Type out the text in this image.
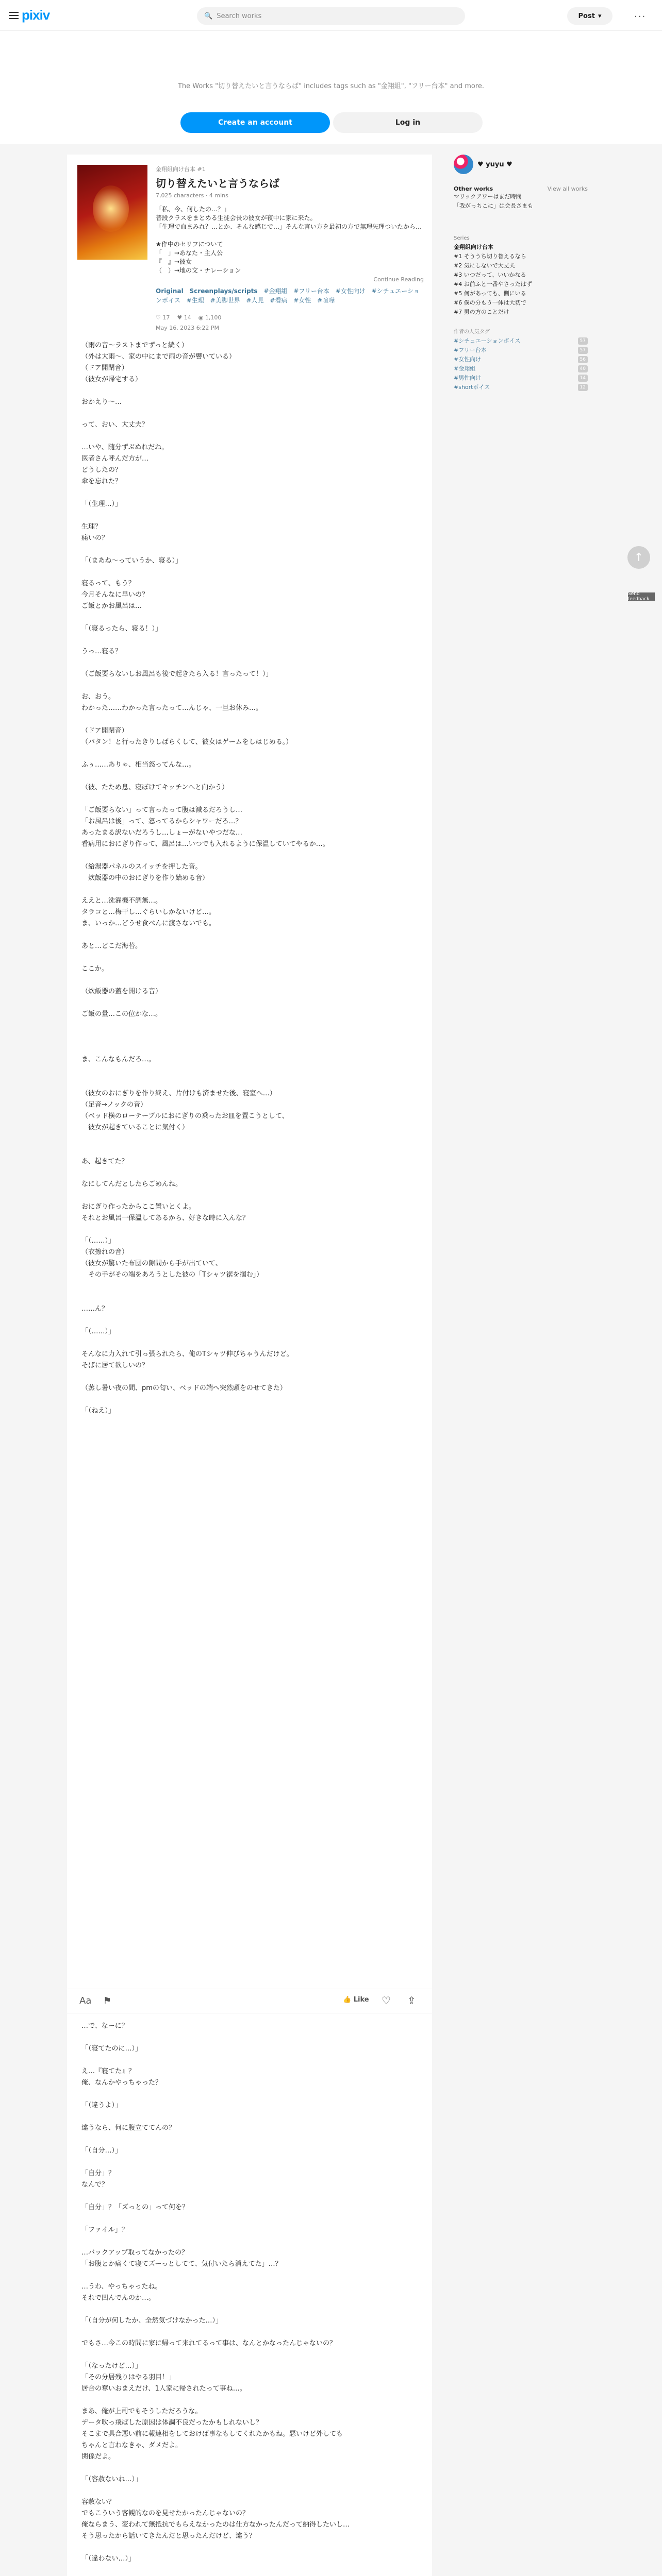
pixiv	🔍 Search works	Post ▾	···
The Works "切り替えたいと言うならば" includes tags such as "金翔組", "フリー台本" and more.
Create an account	Log in
金翔組向け台本 #1
切り替えたいと言うならば
7,025 characters · 4 mins
「私、今、何したの…？」
普段クラスをまとめる生徒会長の彼女が夜中に家に来た。
「生理で血まみれ？…とか、そんな感じで…」そんな言い方を最初の方で無理矢理ついたから…

★作中のセリフについて
「　」→あなた・主人公
『　』→彼女
（　）→地の文・ナレーション
Continue Reading
Original Screenplays/scripts #金翔組 #フリー台本 #女性向け #シチュエーションボイス #生理 #美脚世界 #人見 #看病 #女性 #喧嘩
♡ 17 ♥ 14 ◉ 1,100
May 16, 2023 6:22 PM

（雨の音〜ラストまでずっと続く）

（外は大雨〜、家の中にまで雨の音が響いている）

（ドア開閉音）

（彼女が帰宅する）

おかえり〜…

って、おい、大丈夫？

…いや、随分ずぶぬれだね。

医者さん呼んだ方が…

どうしたの？

傘を忘れた？

「（生理…）」

生理？

痛いの？

「（まあね〜っていうか、寝る）」

寝るって、もう？

今月そんなに早いの？

ご飯とかお風呂は…

「（寝るったら、寝る！）」

うっ…寝る？

（ご飯要らないしお風呂も後で起きたら入る！言ったって！）」

お、おう。

わかった……わかった言ったって…んじゃ、一旦お休み…。

（ドア開閉音）

（バタン！と行ったきりしばらくして、彼女はゲームをしはじめる。）

ふぅ……ありゃ、相当怒ってんな…。

（彼、たため息、寝ぼけてキッチンへと向かう）

「ご飯要らない」って言ったって腹は減るだろうし…

「お風呂は後」って、怒ってるからシャワーだろ…？

あったまる訳ないだろうし…しょーがないやつだな…

看病用におにぎり作って、風呂は…いつでも入れるように保温していてやるか…。

（給湯器パネルのスイッチを押した音。

　炊飯器の中のおにぎりを作り始める音）

ええと…洗濯機不調無…。

タラコと…梅干し…ぐらいしかないけど…。

ま、いっか…どうせ食べんに渡さないでも。

あと…どこだ海苔。

ここか。

（炊飯器の蓋を開ける音）

ご飯の量…この位かな…。

ま、こんなもんだろ…。

（彼女のおにぎりを作り終え、片付けも済ませた後、寝室へ…）

（足音→ノックの音）

（ベッド横のローテーブルにおにぎりの乗ったお皿を置こうとして、

　彼女が起きていることに気付く）

あ、起きてた？

なにしてんだとしたらごめんね。

おにぎり作ったからここ置いとくよ。

それとお風呂一保温してあるから、好きな時に入んな？

「（……）」

（衣擦れの音）

（彼女が驚いた布団の隙間から手が出ていて、

　その手がその端をあろうとした彼の「Tシャツ裾を掴む」）

……ん？

「（……）」

そんなに力入れて引っ張られたら、俺のTシャツ伸びちゃうんだけど。

そばに居て欲しいの？

（蒸し暑い夜の間、pmの匂い、ベッドの端へ突然頭をのせてきた）

「（ねえ）」

Aa ⚑	👍 Like ♡ ⇪

…で、なーに？

「（寝てたのに…）」

え…『寝てた』？

俺、なんかやっちゃった？

「（違うよ）」

違うなら、何に腹立ててんの？

「（自分…）」

「自分」？

なんで？

「自分」？「ズっとの」って何を？

「ファイル」？

…バックアップ取ってなかったの？

「お腹とか痛くて寝てズーっとしてて、気付いたら消えてた」…？

…うわ、やっちゃったね。

それで凹んでんのか…。

「（自分が何したか、全然気づけなかった…）」

でもさ…今この時間に家に帰って来れてるって事は、なんとかなったんじゃないの？

「（なったけど…）」

「その分居残りはやる羽目！」

居合の奪いおまえだけ、1人家に帰されたって事ね…。

まあ、俺が上司でもそうしただろうな。

データ吹っ飛ばした原因は体調不良だったかもしれないし？

そこまで具合悪い前に報連相をしておけば事なもしてくれたかもね。悪いけど外しても

ちゃんと言わなきゃ、ダメだよ。

関係だよ。

「（容赦ないね…）」

容赦ない？

でもこういう客観的なのを見せたかったんじゃないの？

俺ならまう、変われて無抵抗でもらえなかったのは仕方なかったんだって納得したいし…

そう思ったから話いてきたんだと思ったんだけど、違う？

「（違わない…）」

♥ yuyu ♥
Other works	View all works
マリックアワーはまだ時間
「我がっちこに」は会長さまも
Series
金翔組向け台本
#1 そううち切り替えるなら
#2 気にしないで大丈夫
#3 いつだって、いいかなる
#4 お前ふと一番やさったはず
#5 何があっても、側にいる
#6 僕の分もう一体は大切で
#7 男の方のことだけ
作者の人気タグ
#シチュエーションボイス	57
#フリー台本	57
#女性向け	56
#金翔組	40
#男性向け	14
#shortボイス	12
↑
Send feedback
